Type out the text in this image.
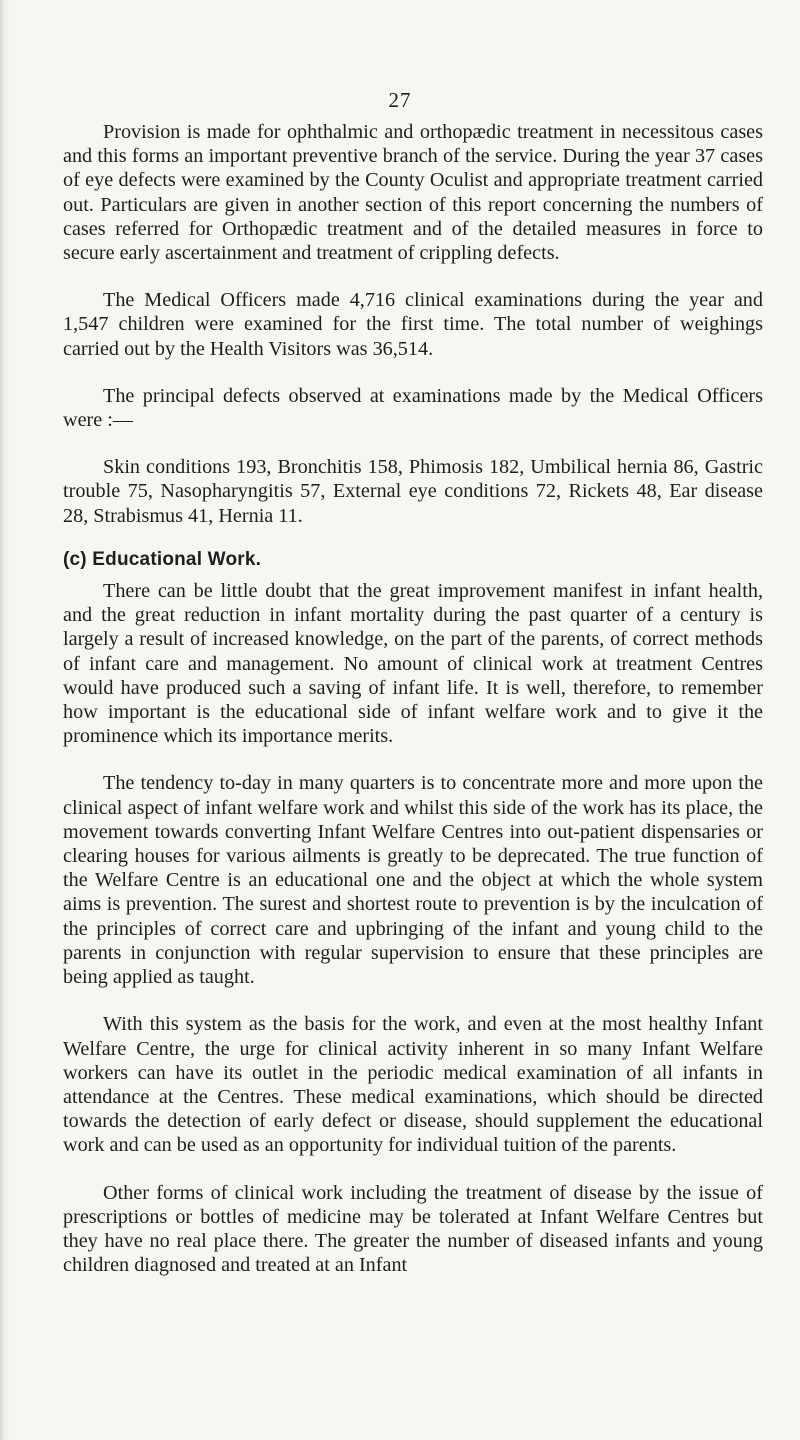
27

Provision is made for ophthalmic and orthopædic treatment in necessitous cases and this forms an important preventive branch of the service. During the year 37 cases of eye defects were examined by the County Oculist and appropriate treatment carried out. Particulars are given in another section of this report concerning the numbers of cases referred for Orthopædic treatment and of the detailed measures in force to secure early ascertainment and treatment of crippling defects.

The Medical Officers made 4,716 clinical examinations during the year and 1,547 children were examined for the first time. The total number of weighings carried out by the Health Visitors was 36,514.

The principal defects observed at examinations made by the Medical Officers were :—

Skin conditions 193, Bronchitis 158, Phimosis 182, Umbilical hernia 86, Gastric trouble 75, Nasopharyngitis 57, External eye conditions 72, Rickets 48, Ear disease 28, Strabismus 41, Hernia 11.

(c) Educational Work.

There can be little doubt that the great improvement manifest in infant health, and the great reduction in infant mortality during the past quarter of a century is largely a result of increased knowledge, on the part of the parents, of correct methods of infant care and management. No amount of clinical work at treatment Centres would have produced such a saving of infant life. It is well, therefore, to remember how important is the educational side of infant welfare work and to give it the prominence which its importance merits.

The tendency to-day in many quarters is to concentrate more and more upon the clinical aspect of infant welfare work and whilst this side of the work has its place, the movement towards converting Infant Welfare Centres into out-patient dispensaries or clearing houses for various ailments is greatly to be deprecated. The true function of the Welfare Centre is an educational one and the object at which the whole system aims is prevention. The surest and shortest route to prevention is by the inculcation of the principles of correct care and upbringing of the infant and young child to the parents in conjunction with regular supervision to ensure that these principles are being applied as taught.

With this system as the basis for the work, and even at the most healthy Infant Welfare Centre, the urge for clinical activity inherent in so many Infant Welfare workers can have its outlet in the periodic medical examination of all infants in attendance at the Centres. These medical examinations, which should be directed towards the detection of early defect or disease, should supplement the educational work and can be used as an opportunity for individual tuition of the parents.

Other forms of clinical work including the treatment of disease by the issue of prescriptions or bottles of medicine may be tolerated at Infant Welfare Centres but they have no real place there. The greater the number of diseased infants and young children diagnosed and treated at an Infant
